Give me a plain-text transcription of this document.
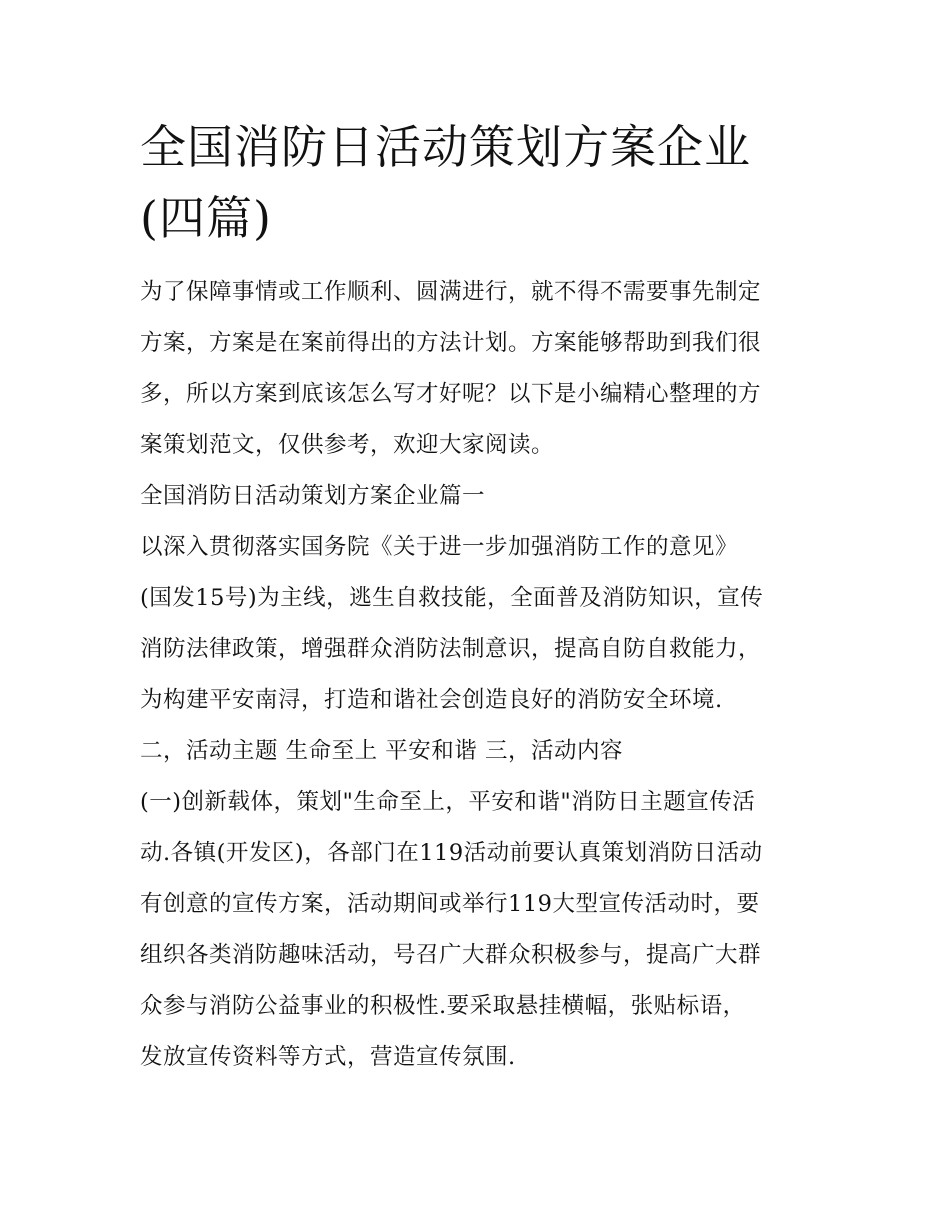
全国消防日活动策划方案企业
(四篇)

为了保障事情或工作顺利、圆满进行，就不得不需要事先制定
方案，方案是在案前得出的方法计划。方案能够帮助到我们很
多，所以方案到底该怎么写才好呢？以下是小编精心整理的方
案策划范文，仅供参考，欢迎大家阅读。

全国消防日活动策划方案企业篇一

以深入贯彻落实国务院《关于进一步加强消防工作的意见》
(国发15号)为主线，逃生自救技能，全面普及消防知识，宣传
消防法律政策，增强群众消防法制意识，提高自防自救能力，
为构建平安南浔，打造和谐社会创造良好的消防安全环境.

二，活动主题 生命至上 平安和谐 三，活动内容

(一)创新载体，策划"生命至上，平安和谐"消防日主题宣传活
动.各镇(开发区)，各部门在119活动前要认真策划消防日活动
有创意的宣传方案，活动期间或举行119大型宣传活动时，要
组织各类消防趣味活动，号召广大群众积极参与，提高广大群
众参与消防公益事业的积极性.要采取悬挂横幅，张贴标语，
发放宣传资料等方式，营造宣传氛围.
